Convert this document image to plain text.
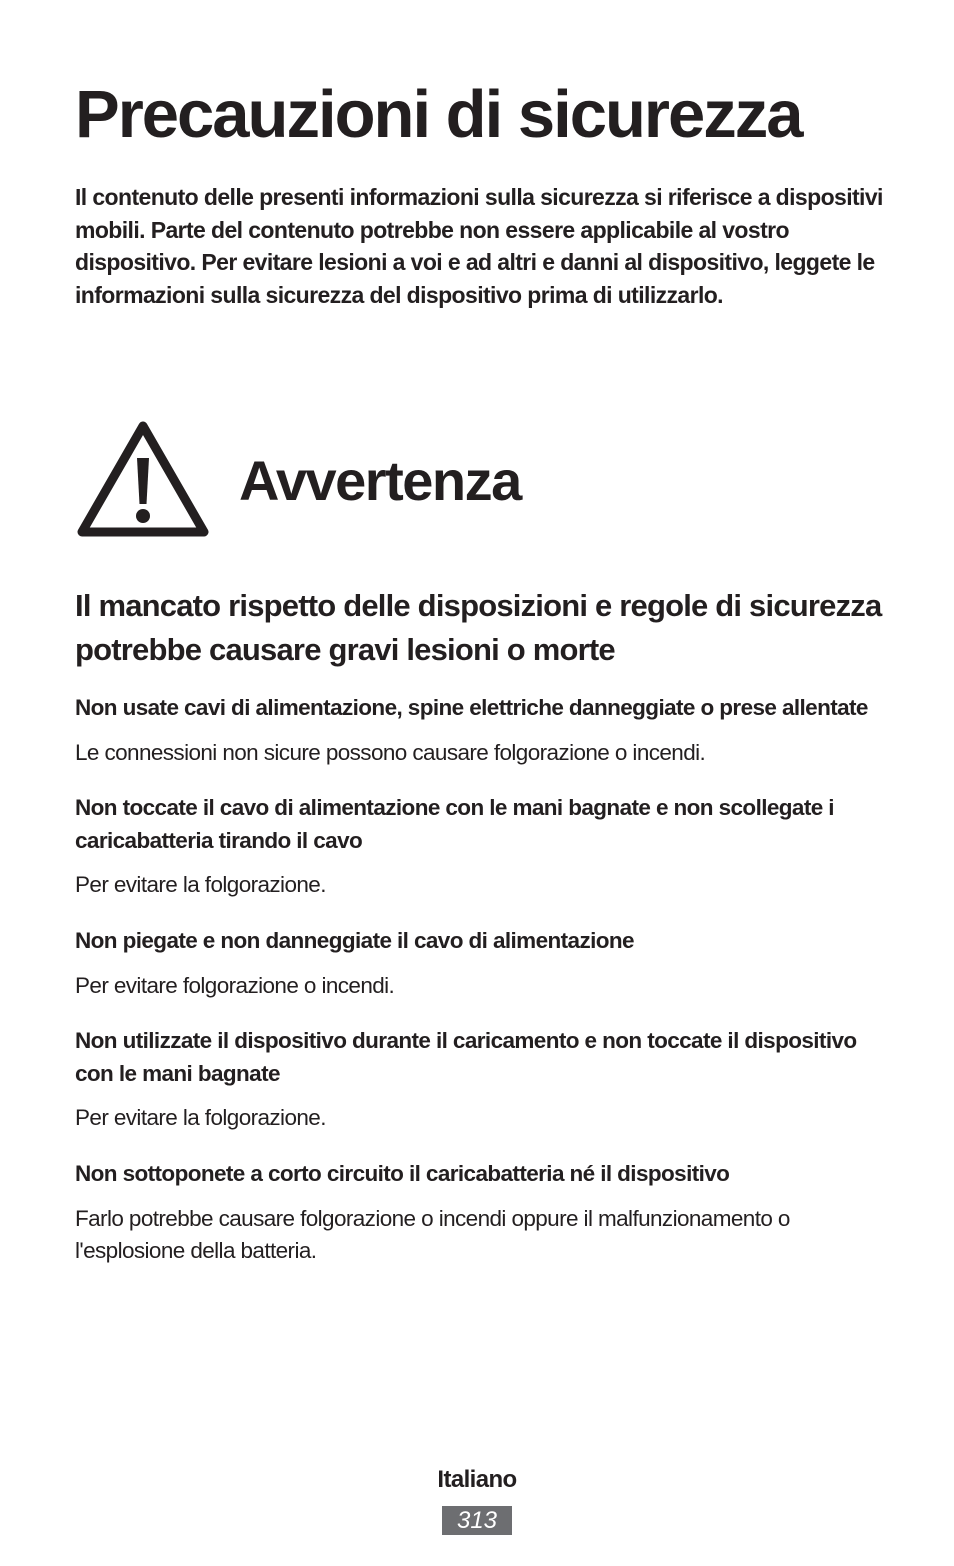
Precauzioni di sicurezza

Il contenuto delle presenti informazioni sulla sicurezza si riferisce a dispositivi mobili. Parte del contenuto potrebbe non essere applicabile al vostro dispositivo. Per evitare lesioni a voi e ad altri e danni al dispositivo, leggete le informazioni sulla sicurezza del dispositivo prima di utilizzarlo.

Avvertenza
Il mancato rispetto delle disposizioni e regole di sicurezza potrebbe causare gravi lesioni o morte

Non usate cavi di alimentazione, spine elettriche danneggiate o prese allentate

Le connessioni non sicure possono causare folgorazione o incendi.

Non toccate il cavo di alimentazione con le mani bagnate e non scollegate i caricabatteria tirando il cavo

Per evitare la folgorazione.

Non piegate e non danneggiate il cavo di alimentazione

Per evitare folgorazione o incendi.

Non utilizzate il dispositivo durante il caricamento e non toccate il dispositivo con le mani bagnate

Per evitare la folgorazione.

Non sottoponete a corto circuito il caricabatteria né il dispositivo

Farlo potrebbe causare folgorazione o incendi oppure il malfunzionamento o l'esplosione della batteria.

Italiano
313
